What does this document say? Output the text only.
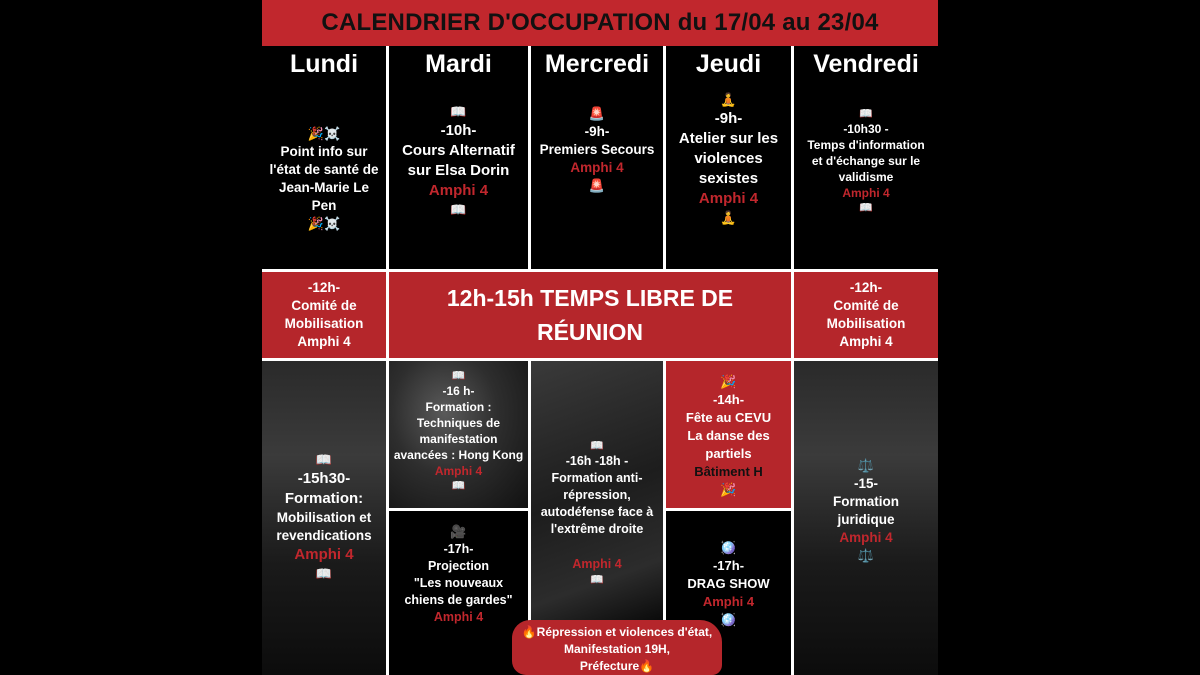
CALENDRIER D'OCCUPATION du 17/04 au 23/04
Lundi
🎉☠️
Point info sur
l'état de santé de
Jean-Marie Le
Pen
🎉☠️
Mardi
📖
-10h-
Cours Alternatif
sur Elsa Dorin
Amphi 4
📖
Mercredi
🚨
-9h-
Premiers Secours
Amphi 4
🚨
Jeudi
🧘
-9h-
Atelier sur les
violences
sexistes
Amphi 4
🧘
Vendredi
📖
-10h30 -
Temps d'information
et d'échange sur le
validisme
Amphi 4
📖
-12h-
Comité de
Mobilisation
Amphi 4
12h-15h TEMPS LIBRE DE
RÉUNION
-12h-
Comité de
Mobilisation
Amphi 4
📖
-15h30-
Formation:
Mobilisation et
revendications
Amphi 4
📖
📖
-16 h-
Formation :
Techniques de
manifestation
avancées : Hong Kong
Amphi 4
📖
🎥
-17h-
Projection
"Les nouveaux
chiens de gardes"
Amphi 4
📖
-16h -18h -
Formation anti-
répression,
autodéfense face à
l'extrême droite
Amphi 4
📖
🎉
-14h-
Fête au CEVU
La danse des
partiels
Bâtiment H
🎉
🪩
-17h-
DRAG SHOW
Amphi 4
🪩
⚖️
-15-
Formation
juridique
Amphi 4
⚖️
🔥Répression et violences d'état,
Manifestation 19H,
Préfecture🔥
